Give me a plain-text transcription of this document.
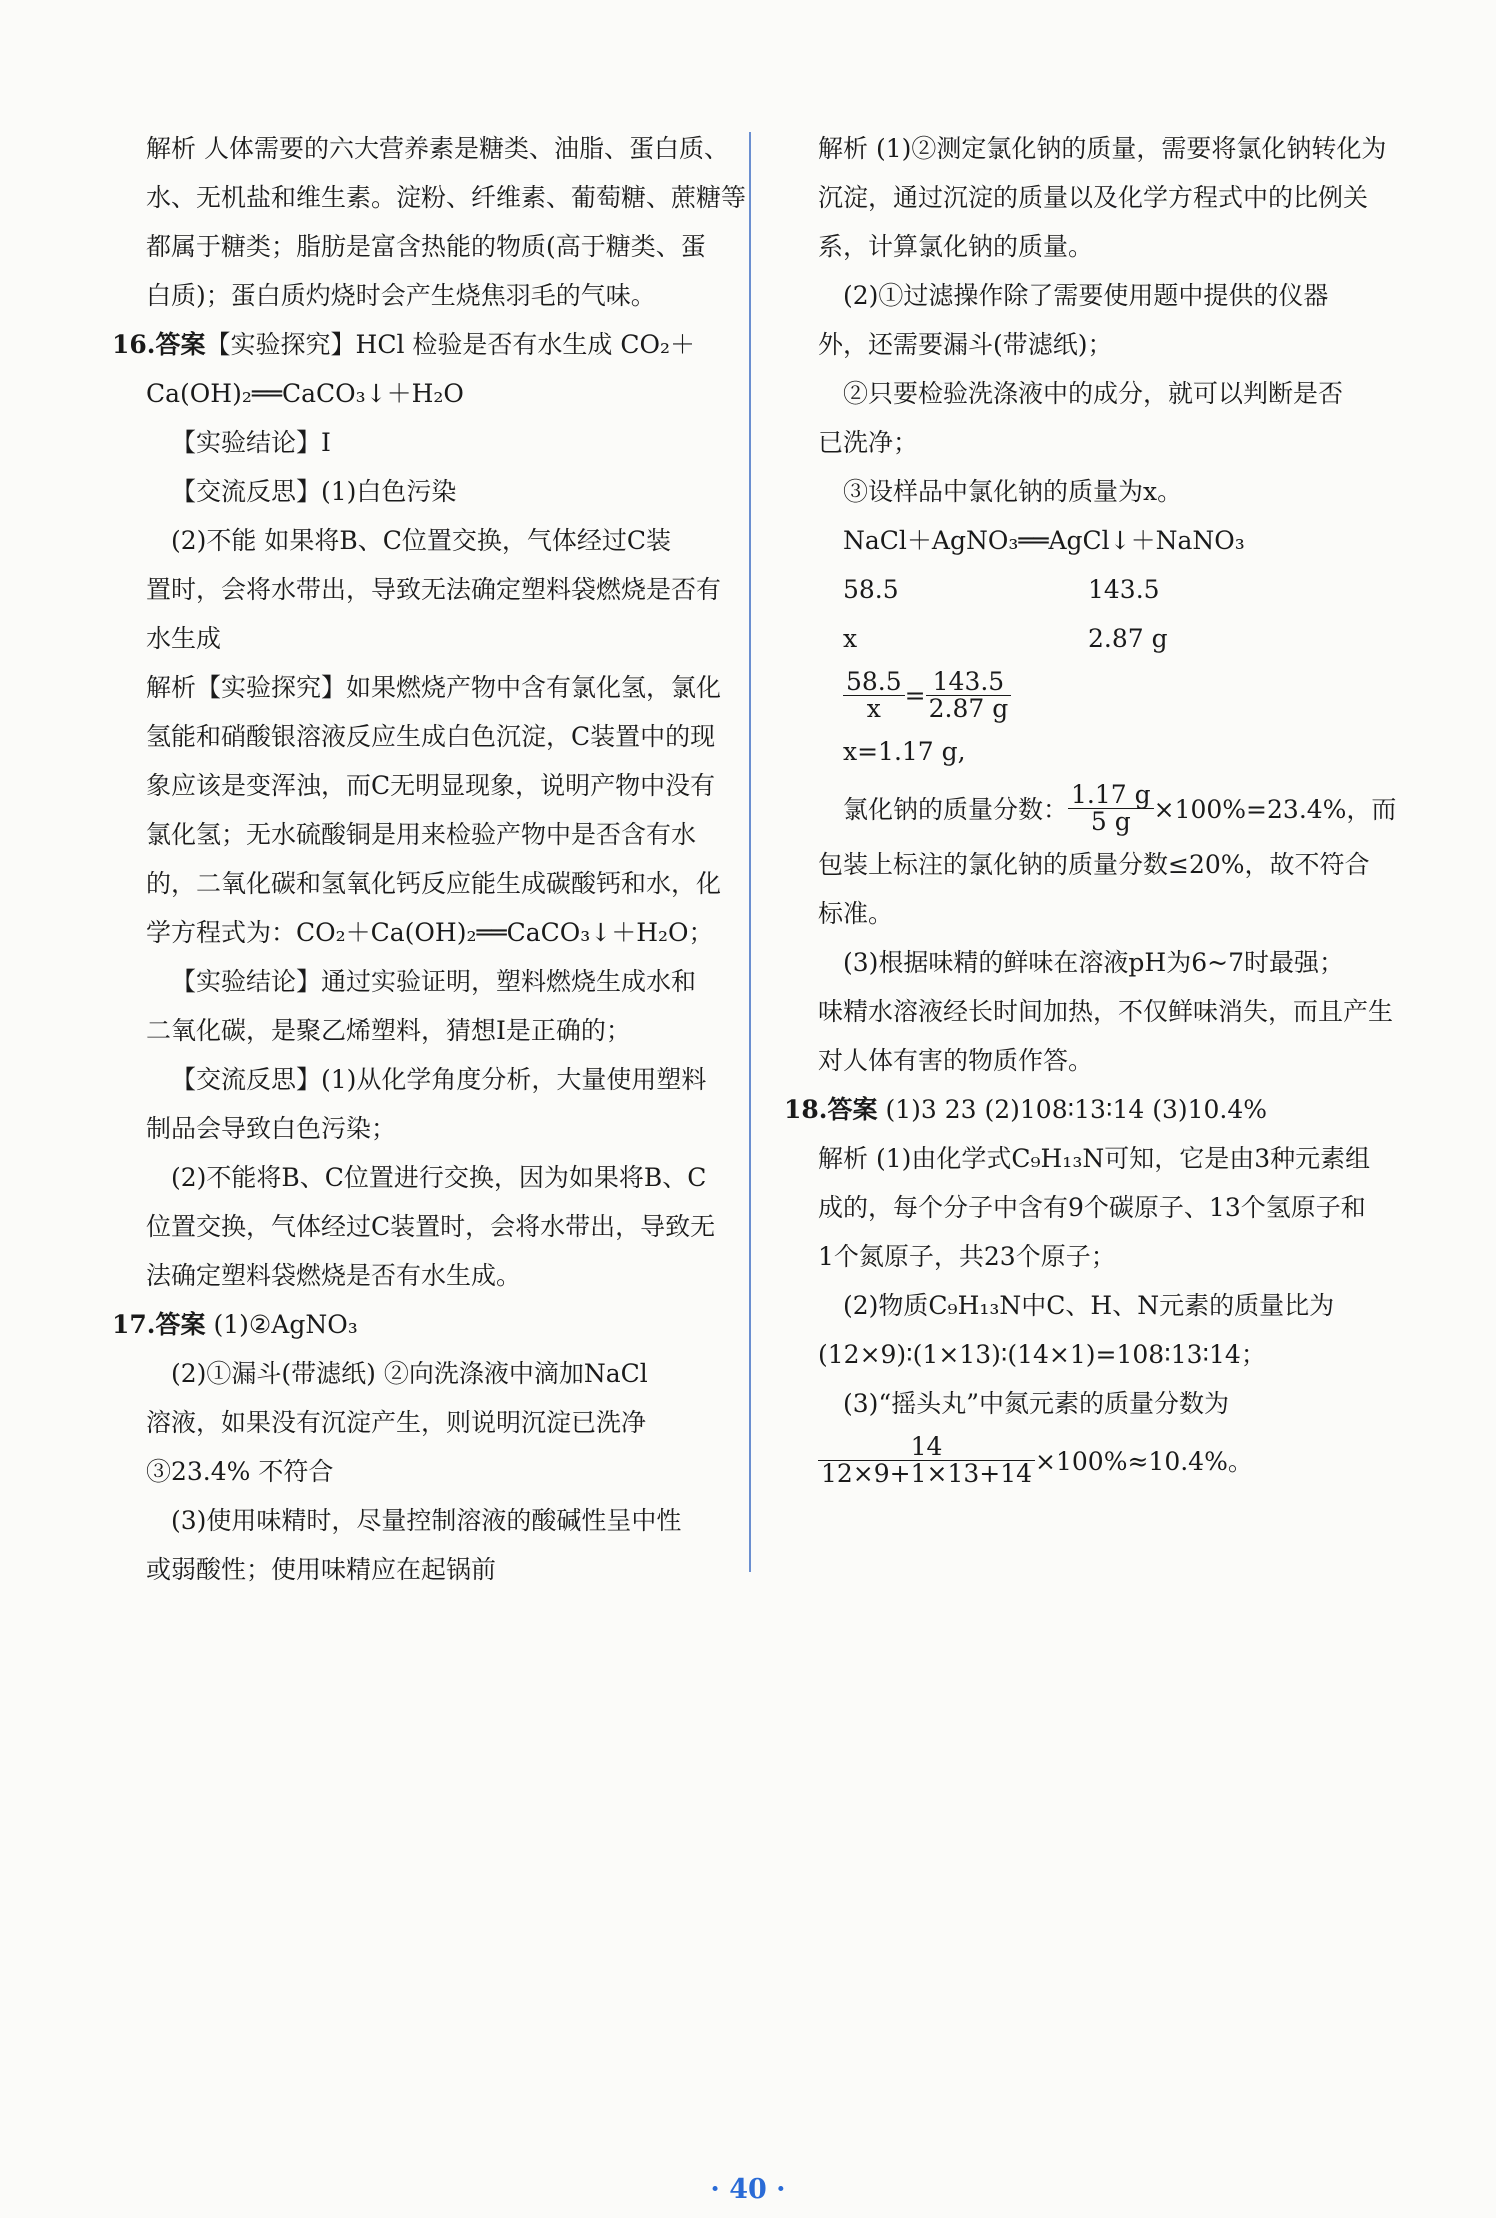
解析 人体需要的六大营养素是糖类、油脂、蛋白质、
水、无机盐和维生素。淀粉、纤维素、葡萄糖、蔗糖等
都属于糖类；脂肪是富含热能的物质(高于糖类、蛋
白质)；蛋白质灼烧时会产生烧焦羽毛的气味。
16.答案【实验探究】HCl 检验是否有水生成 CO₂＋
Ca(OH)₂══CaCO₃↓＋H₂O
【实验结论】Ⅰ
【交流反思】(1)白色污染
(2)不能 如果将B、C位置交换，气体经过C装
置时，会将水带出，导致无法确定塑料袋燃烧是否有
水生成
解析【实验探究】如果燃烧产物中含有氯化氢，氯化
氢能和硝酸银溶液反应生成白色沉淀，C装置中的现
象应该是变浑浊，而C无明显现象，说明产物中没有
氯化氢；无水硫酸铜是用来检验产物中是否含有水
的，二氧化碳和氢氧化钙反应能生成碳酸钙和水，化
学方程式为：CO₂＋Ca(OH)₂══CaCO₃↓＋H₂O；
【实验结论】通过实验证明，塑料燃烧生成水和
二氧化碳，是聚乙烯塑料，猜想Ⅰ是正确的；
【交流反思】(1)从化学角度分析，大量使用塑料
制品会导致白色污染；
(2)不能将B、C位置进行交换，因为如果将B、C
位置交换，气体经过C装置时，会将水带出，导致无
法确定塑料袋燃烧是否有水生成。
17.答案 (1)②AgNO₃
(2)①漏斗(带滤纸) ②向洗涤液中滴加NaCl
溶液，如果没有沉淀产生，则说明沉淀已洗净
③23.4% 不符合
(3)使用味精时，尽量控制溶液的酸碱性呈中性
或弱酸性；使用味精应在起锅前
解析 (1)②测定氯化钠的质量，需要将氯化钠转化为
沉淀，通过沉淀的质量以及化学方程式中的比例关
系，计算氯化钠的质量。
(2)①过滤操作除了需要使用题中提供的仪器
外，还需要漏斗(带滤纸)；
②只要检验洗涤液中的成分，就可以判断是否
已洗净；
③设样品中氯化钠的质量为x。
NaCl＋AgNO₃══AgCl↓＋NaNO₃
58.5	143.5
x	2.87 g
$\frac{58.5}{x} = \frac{143.5}{2.87 g}$
x=1.17 g,
氯化钠的质量分数： $\frac{1.17 g}{5 g} \times 100\%=23.4\%$，而
包装上标注的氯化钠的质量分数≤20%，故不符合
标准。
(3)根据味精的鲜味在溶液pH为6~7时最强；
味精水溶液经长时间加热，不仅鲜味消失，而且产生
对人体有害的物质作答。
18.答案 (1)3 23 (2)108∶13∶14 (3)10.4%
解析 (1)由化学式C₉H₁₃N可知，它是由3种元素组
成的，每个分子中含有9个碳原子、13个氢原子和
1个氮原子，共23个原子；
(2)物质C₉H₁₃N中C、H、N元素的质量比为
(12×9)∶(1×13)∶(14×1)=108∶13∶14；
(3)“摇头丸”中氮元素的质量分数为
$\frac{14}{12\times 9+1\times 13+14} \times 100\%\approx 10.4\%$。
· 40 ·
